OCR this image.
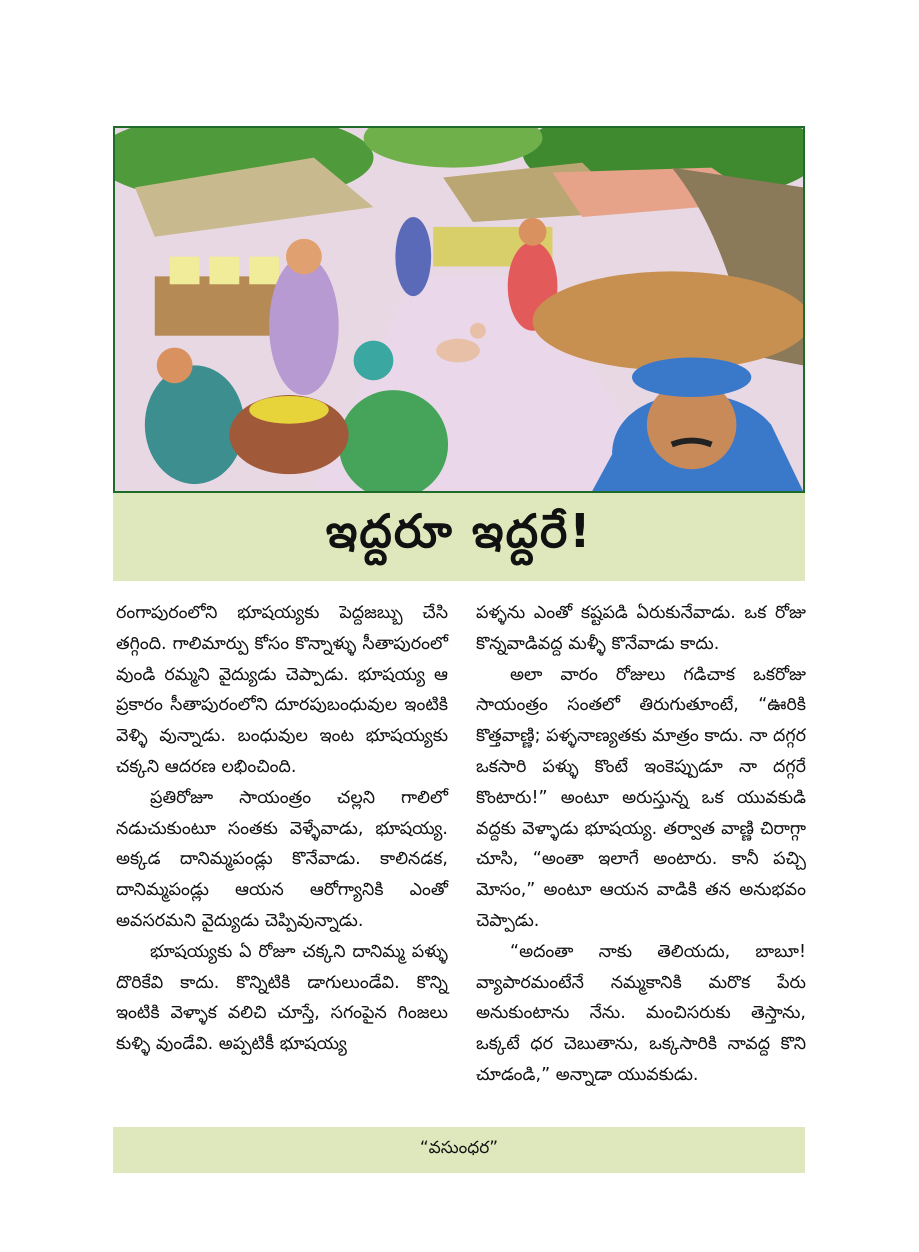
ఇద్దరూ ఇద్దరే!

రంగాపురంలోని భూషయ్యకు పెద్దజబ్బు చేసి తగ్గింది. గాలిమార్పు కోసం కొన్నాళ్ళు సీతాపురంలో వుండి రమ్మని వైద్యుడు చెప్పాడు. భూషయ్య ఆ ప్రకారం సీతాపురంలోని దూరపుబంధువుల ఇంటికి వెళ్ళి వున్నాడు. బంధువుల ఇంట భూషయ్యకు చక్కని ఆదరణ లభించింది.

ప్రతిరోజూ సాయంత్రం చల్లని గాలిలో నడుచుకుంటూ సంతకు వెళ్ళేవాడు, భూషయ్య. అక్కడ దానిమ్మపండ్లు కొనేవాడు. కాలినడక, దానిమ్మపండ్లు ఆయన ఆరోగ్యానికి ఎంతో అవసరమని వైద్యుడు చెప్పివున్నాడు.

భూషయ్యకు ఏ రోజూ చక్కని దానిమ్మ పళ్ళు దొరికేవి కాదు. కొన్నిటికి డాగులుండేవి. కొన్ని ఇంటికి వెళ్ళాక వలిచి చూస్తే, సగంపైన గింజలు కుళ్ళి వుండేవి. అప్పటికీ భూషయ్య

పళ్ళను ఎంతో కష్టపడి ఏరుకునేవాడు. ఒక రోజు కొన్నవాడివద్ద మళ్ళీ కొనేవాడు కాదు.

అలా వారం రోజులు గడిచాక ఒకరోజు సాయంత్రం సంతలో తిరుగుతూంటే, “ఊరికి కొత్తవాణ్ణి; పళ్ళనాణ్యతకు మాత్రం కాదు. నా దగ్గర ఒకసారి పళ్ళు కొంటే ఇంకెప్పుడూ నా దగ్గరే కొంటారు!” అంటూ అరుస్తున్న ఒక యువకుడి వద్దకు వెళ్ళాడు భూషయ్య. తర్వాత వాణ్ణి చిరాగ్గా చూసి, “అంతా ఇలాగే అంటారు. కానీ పచ్చి మోసం,” అంటూ ఆయన వాడికి తన అనుభవం చెప్పాడు.

“అదంతా నాకు తెలియదు, బాబూ! వ్యాపారమంటేనే నమ్మకానికి మరొక పేరు అనుకుంటాను నేను. మంచిసరుకు తెస్తాను, ఒక్కటే ధర చెబుతాను, ఒక్కసారికి నావద్ద కొని చూడండి,” అన్నాడా యువకుడు.

“వసుంధర”
